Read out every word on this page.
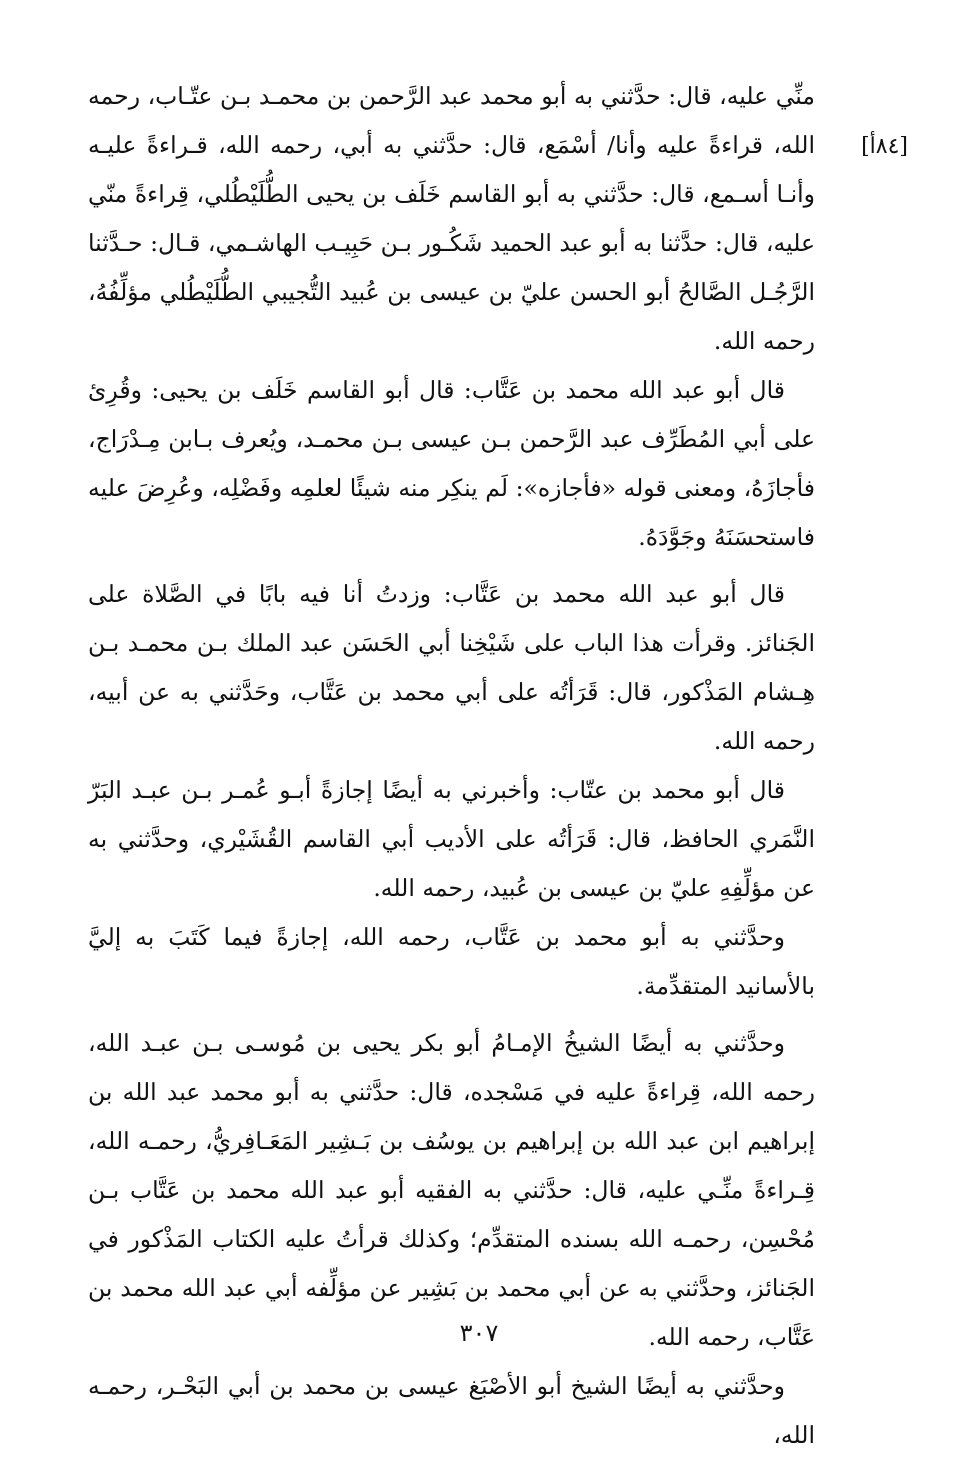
[٨٤أ]

منِّي عليه، قال: حدَّثني به أبو محمد عبد الرَّحمن بن محمـد بـن عتّـاب، رحمه الله، قراءةً عليه وأنا/ أسْمَع، قال: حدَّثني به أبي، رحمه الله، قـراءةً عليـه وأنـا أسـمع، قال: حدَّثني به أبو القاسم خَلَف بن يحيى الطُّلَيْطُلي، قِراءةً منّي عليه، قال: حدَّثنا به أبو عبد الحميد شَكُـور بـن حَبِيـب الهاشـمي، قـال: حـدَّثنا الرَّجُـل الصَّالحُ أبو الحسن عليّ بن عيسى بن عُبيد التُّجيبي الطُّلَيْطُلي مؤلِّفُهُ، رحمه الله.

قال أبو عبد الله محمد بن عَتَّاب: قال أبو القاسم خَلَف بن يحيى: وقُرِئ على أبي المُطَرِّف عبد الرَّحمن بـن عيسى بـن محمـد، ويُعرف بـابن مِـدْرَاج، فأجازَهُ، ومعنى قوله «فأجازه»: لَم ينكِر منه شيئًا لعلمِه وفَضْلِه، وعُرِضَ عليه فاستحسَنَهُ وجَوَّدَهُ.

قال أبو عبد الله محمد بن عَتَّاب: وزدتُ أنا فيه بابًا في الصَّلاة على الجَنائز. وقرأت هذا الباب على شَيْخِنا أبي الحَسَن عبد الملك بـن محمـد بـن هِـشام المَذْكور، قال: قَرَأتُه على أبي محمد بن عَتَّاب، وحَدَّثني به عن أبيه، رحمه الله.

قال أبو محمد بن عتّاب: وأخبرني به أيضًا إجازةً أبـو عُمـر بـن عبـد البَرّ النَّمَري الحافظ، قال: قَرَأتُه على الأديب أبي القاسم القُشَيْري، وحدَّثني به عن مؤلِّفِهِ عليّ بن عيسى بن عُبيد، رحمه الله.

وحدَّثني به أبو محمد بن عَتَّاب، رحمه الله، إجازةً فيما كَتَبَ به إليَّ بالأسانيد المتقدِّمة.

وحدَّثني به أيضًا الشيخُ الإمـامُ أبو بكر يحيى بن مُوسـى بـن عبـد الله، رحمه الله، قِراءةً عليه في مَسْجده، قال: حدَّثني به أبو محمد عبد الله بن إبراهيم ابن عبد الله بن إبراهيم بن يوسُف بن بَـشِير المَعَـافِريُّ، رحمـه الله، قِـراءةً منِّـي عليه، قال: حدَّثني به الفقيه أبو عبد الله محمد بن عَتَّاب بـن مُحْسِن، رحمـه الله بسنده المتقدِّم؛ وكذلك قرأتُ عليه الكتاب المَذْكور في الجَنائز، وحدَّثني به عن أبي محمد بن بَشِير عن مؤلِّفه أبي عبد الله محمد بن عَتَّاب، رحمه الله.

وحدَّثني به أيضًا الشيخ أبو الأصْبَغ عيسى بن محمد بن أبي البَحْـر، رحمـه الله،

٣٠٧
